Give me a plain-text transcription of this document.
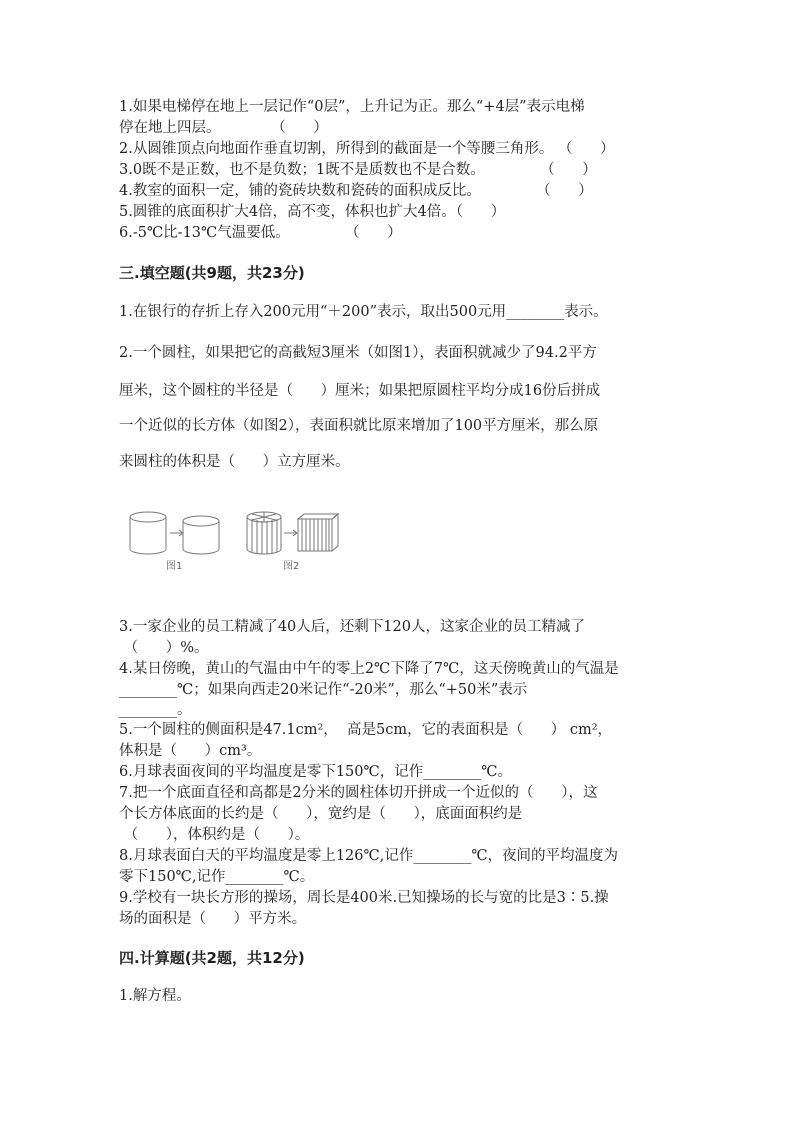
1.如果电梯停在地上一层记作“0层”，上升记为正。那么“+4层”表示电梯
停在地上四层。           （      ）
2.从圆锥顶点向地面作垂直切割，所得到的截面是一个等腰三角形。 （      ）
3.0既不是正数，也不是负数；1既不是质数也不是合数。            （      ）
4.教室的面积一定，铺的瓷砖块数和瓷砖的面积成反比。            （      ）
5.圆锥的底面积扩大4倍，高不变，体积也扩大4倍。（      ）
6.-5℃比-13℃气温要低。            （      ）
三.填空题(共9题，共23分)
1.在银行的存折上存入200元用“＋200”表示，取出500元用________表示。
2.一个圆柱，如果把它的高截短3厘米（如图1），表面积就减少了94.2平方
厘米，这个圆柱的半径是（      ）厘米；如果把原圆柱平均分成16份后拼成
一个近似的长方体（如图2），表面积就比原来增加了100平方厘米，那么原
来圆柱的体积是（      ）立方厘米。
图1	图2
3.一家企业的员工精减了40人后，还剩下120人，这家企业的员工精减了
（      ）%。
4.某日傍晚，黄山的气温由中午的零上2℃下降了7℃，这天傍晚黄山的气温是
________℃；如果向西走20米记作“-20米”，那么“+50米”表示
________。
5.一个圆柱的侧面积是47.1cm²，  高是5cm，它的表面积是（      ） cm²，
体积是（      ）cm³。
6.月球表面夜间的平均温度是零下150℃，记作________℃。
7.把一个底面直径和高都是2分米的圆柱体切开拼成一个近似的（      ），这
个长方体底面的长约是（      ），宽约是（      ），底面面积约是
（      ），体积约是（      ）。
8.月球表面白天的平均温度是零上126℃,记作________℃，夜间的平均温度为
零下150℃,记作________℃。
9.学校有一块长方形的操场，周长是400米.已知操场的长与宽的比是3∶5.操
场的面积是（      ）平方米。
四.计算题(共2题，共12分)
1.解方程。
